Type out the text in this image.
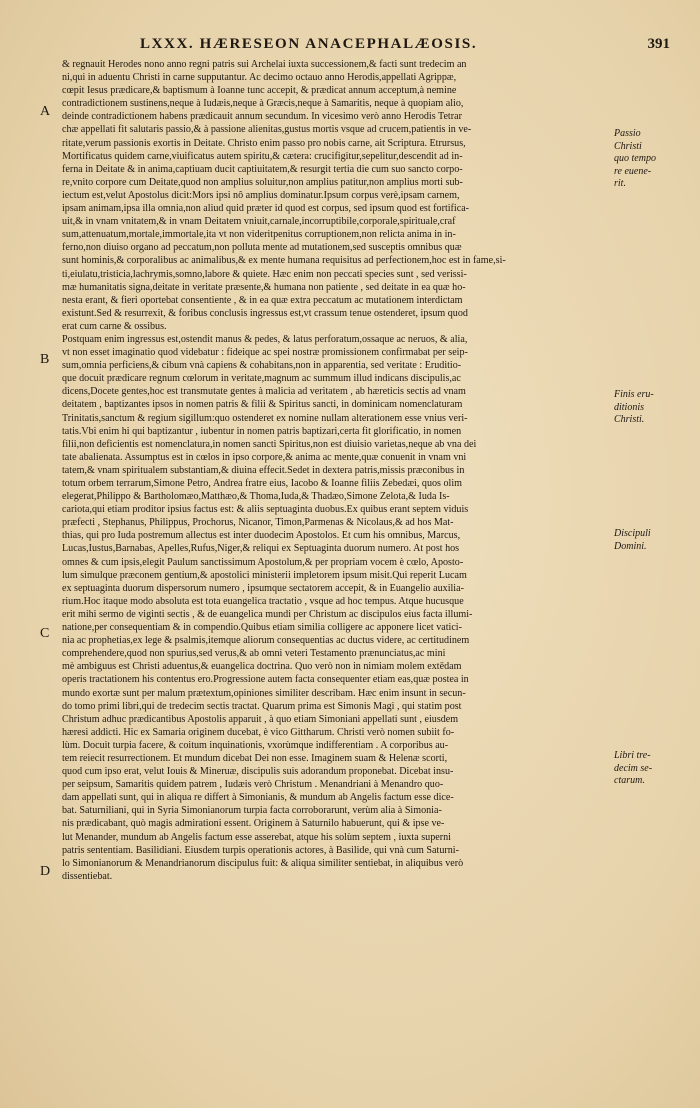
LXXX. HÆRESEON ANACEPHALÆOSIS.	391
A
B
C
D
Passio
Christi
quo tempo
re euene-
rit.
Finis eru-
ditionis
Christi.
Discipuli
Domini.
Libri tre-
decim se-
ctarum.
& regnauit Herodes nono anno regni patris sui Archelai iuxta successionem,& facti sunt tredecim an
ni,qui in aduentu Christi in carne supputantur. Ac decimo octauo anno Herodis,appellati Agrippæ,
cœpit Iesus prædicare,& baptismum à Ioanne tunc accepit, & prædicat annum acceptum,à nemine
contradictionem sustinens,neque à Iudæis,neque à Græcis,neque à Samaritis, neque à quopiam alio,
deinde contradictionem habens prædicauit annum secundum. In vicesimo verò anno Herodis Tetrar
chæ appellati fit salutaris passio,& à passione alienitas,gustus mortis vsque ad crucem,patientis in ve-
ritate,verum passionis exortis in Deitate. Christo enim passo pro nobis carne, ait Scriptura. Etrursus,
Mortificatus quidem carne,viuificatus autem spiritu,& cætera: crucifigitur,sepelitur,descendit ad in-
ferna in Deitate & in anima,captiuam ducit captiuitatem,& resurgit tertia die cum suo sancto corpo-
re,vnito corpore cum Deitate,quod non amplius soluitur,non amplius patitur,non amplius morti sub-
iectum est,velut Apostolus dicit:Mors ipsi nô amplius dominatur.Ipsum corpus verè,ipsam carnem,
ipsam animam,ipsa illa omnia,non aliud quid præter id quod est corpus, sed ipsum quod est fortifica-
uit,& in vnam vnitatem,& in vnam Deitatem vniuit,carnale,incorruptibile,corporale,spirituale,craf
sum,attenuatum,mortale,immortale,ita vt non videritpenitus corruptionem,non relicta anima in in-
ferno,non diuiso organo ad peccatum,non polluta mente ad mutationem,sed susceptis omnibus quæ
sunt hominis,& corporalibus ac animalibus,& ex mente humana requisitus ad perfectionem,hoc est in fame,si-
ti,eiulatu,tristicia,lachrymis,somno,labore & quiete. Hæc enim non peccati species sunt , sed verissi-
mæ humanitatis signa,deitate in veritate præsente,& humana non patiente , sed deitate in ea quæ ho-
nesta erant, & fieri oportebat consentiente , & in ea quæ extra peccatum ac mutationem interdictam
existunt.Sed & resurrexit, & foribus conclusis ingressus est,vt crassum tenue ostenderet, ipsum quod
erat cum carne & ossibus.
Postquam enim ingressus est,ostendit manus & pedes, & latus perforatum,ossaque ac neruos, & alia,
vt non esset imaginatio quod videbatur : fideique ac spei nostræ promissionem confirmabat per seip-
sum,omnia perficiens,& cibum vnà capiens & cohabitans,non in apparentia, sed veritate : Eruditio-
que docuit prædicare regnum cœlorum in veritate,magnum ac summum illud indicans discipulis,ac
dicens,Docete gentes,hoc est transmutate gentes à malicia ad veritatem , ab hæreticis sectis ad vnam
deitatem , baptizantes ipsos in nomen patris & filii & Spiritus sancti, in dominicam nomenclaturam
Trinitatis,sanctum & regium sigillum:quo ostenderet ex nomine nullam alterationem esse vnius veri-
tatis.Vbi enim hi qui baptizantur , iubentur in nomen patris baptizari,certa fit glorificatio, in nomen
filii,non deficientis est nomenclatura,in nomen sancti Spiritus,non est diuisio varietas,neque ab vna dei
tate abalienata. Assumptus est in cœlos in ipso corpore,& anima ac mente,quæ conuenit in vnam vni
tatem,& vnam spiritualem substantiam,& diuina effecit.Sedet in dextera patris,missis præconibus in
totum orbem terrarum,Simone Petro, Andrea fratre eius, Iacobo & Ioanne filiis Zebedæi, quos olim
elegerat,Philippo & Bartholomæo,Matthæo,& Thoma,Iuda,& Thadæo,Simone Zelota,& Iuda Is-
cariota,qui etiam proditor ipsius factus est: & aliis septuaginta duobus.Ex quibus erant septem viduis
præfecti , Stephanus, Philippus, Prochorus, Nicanor, Timon,Parmenas & Nicolaus,& ad hos Mat-
thias, qui pro Iuda postremum allectus est inter duodecim Apostolos. Et cum his omnibus, Marcus,
Lucas,Iustus,Barnabas, Apelles,Rufus,Niger,& reliqui ex Septuaginta duorum numero. At post hos
omnes & cum ipsis,elegit Paulum sanctissimum Apostolum,& per propriam vocem è cœlo, Aposto-
lum simulque præconem gentium,& apostolici ministerii impletorem ipsum misit.Qui reperit Lucam
ex septuaginta duorum dispersorum numero , ipsumque sectatorem accepit, & in Euangelio auxilia-
rium.Hoc itaque modo absoluta est tota euangelica tractatio , vsque ad hoc tempus. Atque hucusque
erit mihi sermo de viginti sectis , & de euangelica mundi per Christum ac discipulos eius facta illumi-
natione,per consequentiam & in compendio.Quibus etiam similia colligere ac apponere licet vatici-
nia ac prophetias,ex lege & psalmis,itemque aliorum consequentias ac ductus videre, ac certitudinem
comprehendere,quod non spurius,sed verus,& ab omni veteri Testamento prænunciatus,ac mini
mè ambiguus est Christi aduentus,& euangelica doctrina. Quo verò non in nimiam molem extēdam
operis tractationem his contentus ero.Progressione autem facta consequenter etiam eas,quæ postea in
mundo exortæ sunt per malum prætextum,opiniones similiter describam. Hæc enim insunt in secun-
do tomo primi libri,qui de tredecim sectis tractat. Quarum prima est Simonis Magi , qui statim post
Christum adhuc prædicantibus Apostolis apparuit , à quo etiam Simoniani appellati sunt , eiusdem
hæresi addicti. Hic ex Samaria originem ducebat, è vico Gittharum. Christi verò nomen subiit fo-
lùm. Docuit turpia facere, & coitum inquinationis, vxorùmque indifferentiam . A corporibus au-
tem reiecit resurrectionem. Et mundum dicebat Dei non esse. Imaginem suam & Helenæ scorti,
quod cum ipso erat, velut Iouis & Mineruæ, discipulis suis adorandum proponebat. Dicebat insu-
per seipsum, Samaritis quidem patrem , Iudæis verò Christum . Menandriani à Menandro quo-
dam appellati sunt, qui in aliqua re differt à Simonianis, & mundum ab Angelis factum esse dice-
bat. Saturniliani, qui in Syria Simonianorum turpia facta corroborarunt, verùm alia à Simonia-
nis prædicabant, quò magis admirationi essent. Originem à Saturnilo habuerunt, qui & ipse ve-
lut Menander, mundum ab Angelis factum esse asserebat, atque his solùm septem , iuxta superni
patris sententiam. Basilidiani. Eiusdem turpis operationis actores, à Basilide, qui vnà cum Saturni-
lo Simonianorum & Menandrianorum discipulus fuit: & aliqua similiter sentiebat, in aliquibus verò
dissentiebat.
